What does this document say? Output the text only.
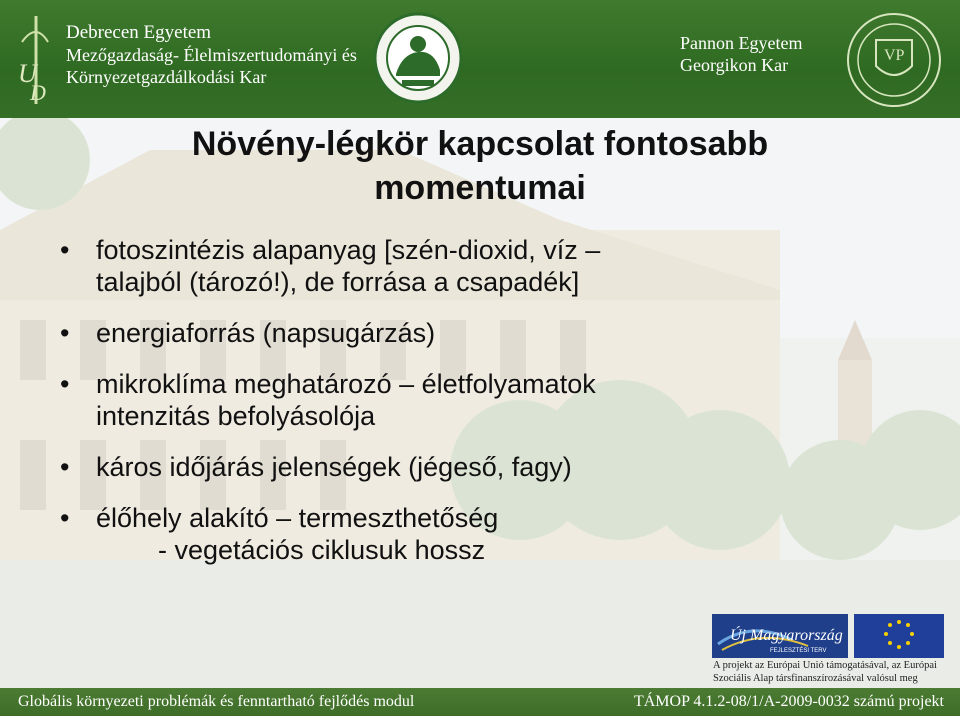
U
D
Debrecen Egyetem
Mezőgazdaság- Élelmiszertudományi és
Környezetgazdálkodási Kar
Pannon Egyetem
Georgikon Kar	VP
Növény-légkör kapcsolat fontosabb
momentumai
• fotoszintézis alapanyag [szén-dioxid, víz –
talajból (tározó!), de forrása a csapadék]
• energiaforrás (napsugárzás)
• mikroklíma meghatározó – életfolyamatok
intenzitás befolyásolója
• káros időjárás jelenségek (jégeső, fagy)
• élőhely alakító – termeszthetőség
- vegetációs ciklusuk hossz
Új Magyarország
FEJLESZTÉSI TERV
A projekt az Európai Unió támogatásával, az Európai Szociális Alap társfinanszírozásával valósul meg
Globális környezeti problémák és fenntartható fejlődés modul	TÁMOP 4.1.2-08/1/A-2009-0032 számú projekt
